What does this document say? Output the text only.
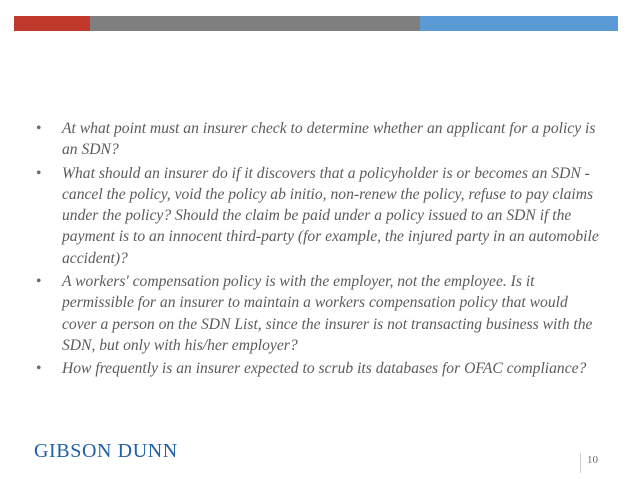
• At what point must an insurer check to determine whether an applicant for a policy is an SDN?
• What should an insurer do if it discovers that a policyholder is or becomes an SDN - cancel the policy, void the policy ab initio, non-renew the policy, refuse to pay claims under the policy? Should the claim be paid under a policy issued to an SDN if the payment is to an innocent third-party (for example, the injured party in an automobile accident)?
• A workers' compensation policy is with the employer, not the employee. Is it permissible for an insurer to maintain a workers compensation policy that would cover a person on the SDN List, since the insurer is not transacting business with the SDN, but only with his/her employer?
• How frequently is an insurer expected to scrub its databases for OFAC compliance?
GIBSON DUNN	10
